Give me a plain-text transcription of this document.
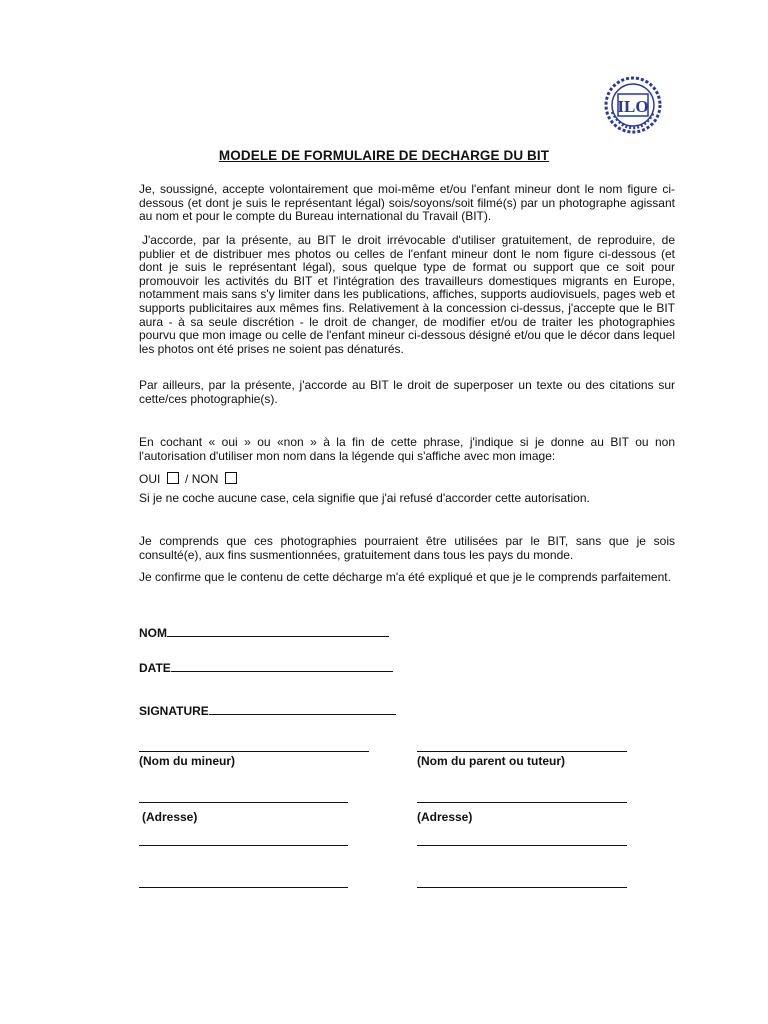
ILO
MODELE DE FORMULAIRE DE DECHARGE DU BIT

Je, soussigné, accepte volontairement que moi-même et/ou l'enfant mineur dont le nom figure ci-dessous (et dont je suis le représentant légal) sois/soyons/soit filmé(s) par un photographe agissant au nom et pour le compte du Bureau international du Travail (BIT).

J'accorde, par la présente, au BIT le droit irrévocable d'utiliser gratuitement, de reproduire, de publier et de distribuer mes photos ou celles de l'enfant mineur dont le nom figure ci-dessous (et dont je suis le représentant légal), sous quelque type de format ou support que ce soit pour promouvoir les activités du BIT et l'intégration des travailleurs domestiques migrants en Europe, notamment mais sans s'y limiter dans les publications, affiches, supports audiovisuels, pages web et supports publicitaires aux mêmes fins. Relativement à la concession ci-dessus, j'accepte que le BIT aura - à sa seule discrétion - le droit de changer, de modifier et/ou de traiter les photographies pourvu que mon image ou celle de l'enfant mineur ci-dessous désigné et/ou que le décor dans lequel les photos ont été prises ne soient pas dénaturés.

Par ailleurs, par la présente, j'accorde au BIT le droit de superposer un texte ou des citations sur cette/ces photographie(s).

En cochant « oui » ou «non » à la fin de cette phrase, j'indique si je donne au BIT ou non l'autorisation d'utiliser mon nom dans la légende qui s'affiche avec mon image:

OUI / NON

Si je ne coche aucune case, cela signifie que j'ai refusé d'accorder cette autorisation.

Je comprends que ces photographies pourraient être utilisées par le BIT, sans que je sois consulté(e), aux fins susmentionnées, gratuitement dans tous les pays du monde.

Je confirme que le contenu de cette décharge m'a été expliqué et que je le comprends parfaitement.

NOM
DATE
SIGNATURE
(Nom du mineur)	(Nom du parent ou tuteur)
(Adresse)	(Adresse)
